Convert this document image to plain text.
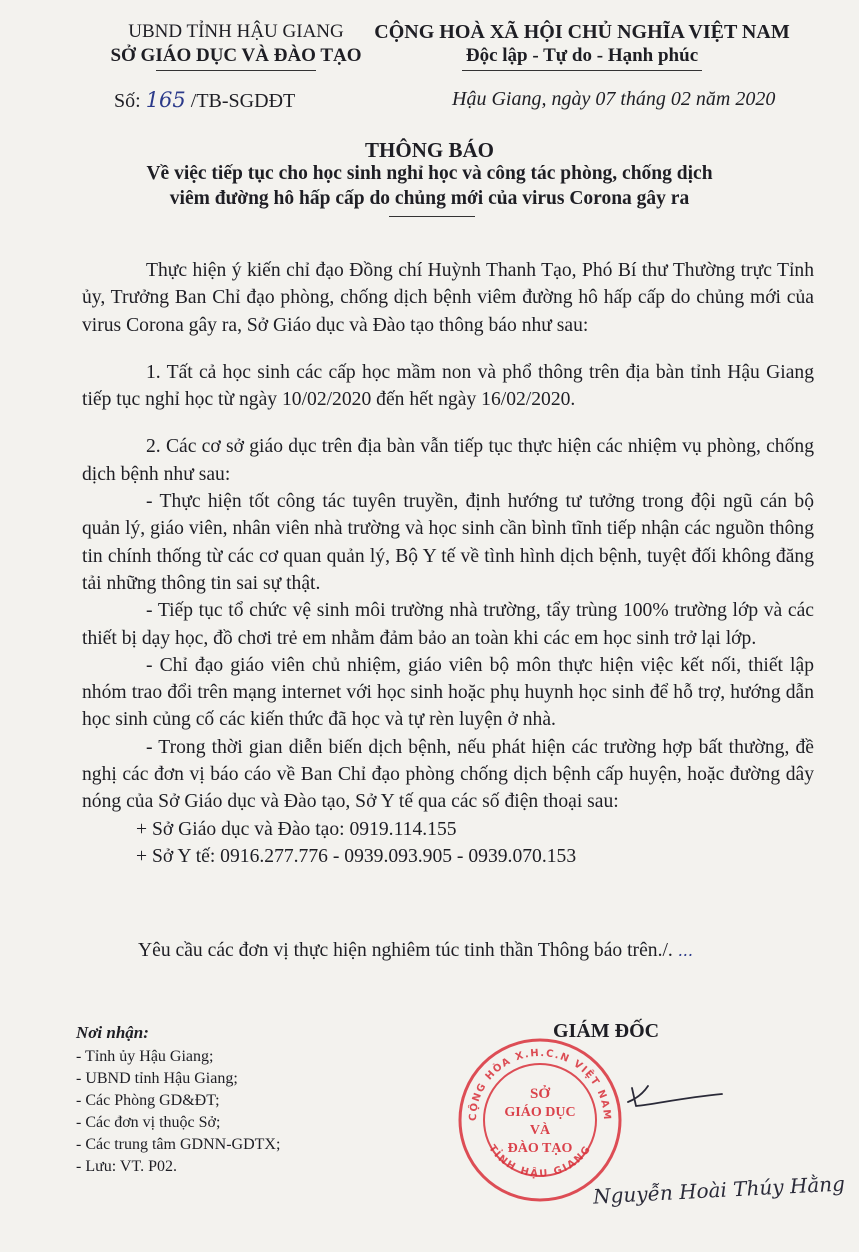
UBND TỈNH HẬU GIANG
SỞ GIÁO DỤC VÀ ĐÀO TẠO
CỘNG HOÀ XÃ HỘI CHỦ NGHĨA VIỆT NAM
Độc lập - Tự do - Hạnh phúc
Số: 165 /TB-SGDĐT	Hậu Giang, ngày 07 tháng 02 năm 2020
THÔNG BÁO
Về việc tiếp tục cho học sinh nghỉ học và công tác phòng, chống dịch
viêm đường hô hấp cấp do chủng mới của virus Corona gây ra

Thực hiện ý kiến chỉ đạo Đồng chí Huỳnh Thanh Tạo, Phó Bí thư Thường trực Tỉnh ủy, Trưởng Ban Chỉ đạo phòng, chống dịch bệnh viêm đường hô hấp cấp do chủng mới của virus Corona gây ra, Sở Giáo dục và Đào tạo thông báo như sau:

1. Tất cả học sinh các cấp học mầm non và phổ thông trên địa bàn tỉnh Hậu Giang tiếp tục nghỉ học từ ngày 10/02/2020 đến hết ngày 16/02/2020.

2. Các cơ sở giáo dục trên địa bàn vẫn tiếp tục thực hiện các nhiệm vụ phòng, chống dịch bệnh như sau:

- Thực hiện tốt công tác tuyên truyền, định hướng tư tưởng trong đội ngũ cán bộ quản lý, giáo viên, nhân viên nhà trường và học sinh cần bình tĩnh tiếp nhận các nguồn thông tin chính thống từ các cơ quan quản lý, Bộ Y tế về tình hình dịch bệnh, tuyệt đối không đăng tải những thông tin sai sự thật.

- Tiếp tục tổ chức vệ sinh môi trường nhà trường, tẩy trùng 100% trường lớp và các thiết bị dạy học, đồ chơi trẻ em nhằm đảm bảo an toàn khi các em học sinh trở lại lớp.

- Chỉ đạo giáo viên chủ nhiệm, giáo viên bộ môn thực hiện việc kết nối, thiết lập nhóm trao đổi trên mạng internet với học sinh hoặc phụ huynh học sinh để hỗ trợ, hướng dẫn học sinh củng cố các kiến thức đã học và tự rèn luyện ở nhà.

- Trong thời gian diễn biến dịch bệnh, nếu phát hiện các trường hợp bất thường, đề nghị các đơn vị báo cáo về Ban Chỉ đạo phòng chống dịch bệnh cấp huyện, hoặc đường dây nóng của Sở Giáo dục và Đào tạo, Sở Y tế qua các số điện thoại sau:

+ Sở Giáo dục và Đào tạo: 0919.114.155

+ Sở Y tế: 0916.277.776 - 0939.093.905 - 0939.070.153

Yêu cầu các đơn vị thực hiện nghiêm túc tinh thần Thông báo trên./. ...
Nơi nhận:
- Tỉnh ủy Hậu Giang;
- UBND tỉnh Hậu Giang;
- Các Phòng GD&ĐT;
- Các đơn vị thuộc Sở;
- Các trung tâm GDNN-GDTX;
- Lưu: VT. P02.
GIÁM ĐỐC
CỘNG HÒA X.H.C.N VIỆT NAM
TỈNH HẬU GIANG
SỞ
GIÁO DỤC
VÀ
ĐÀO TẠO
Nguyễn Hoài Thúy Hằng
